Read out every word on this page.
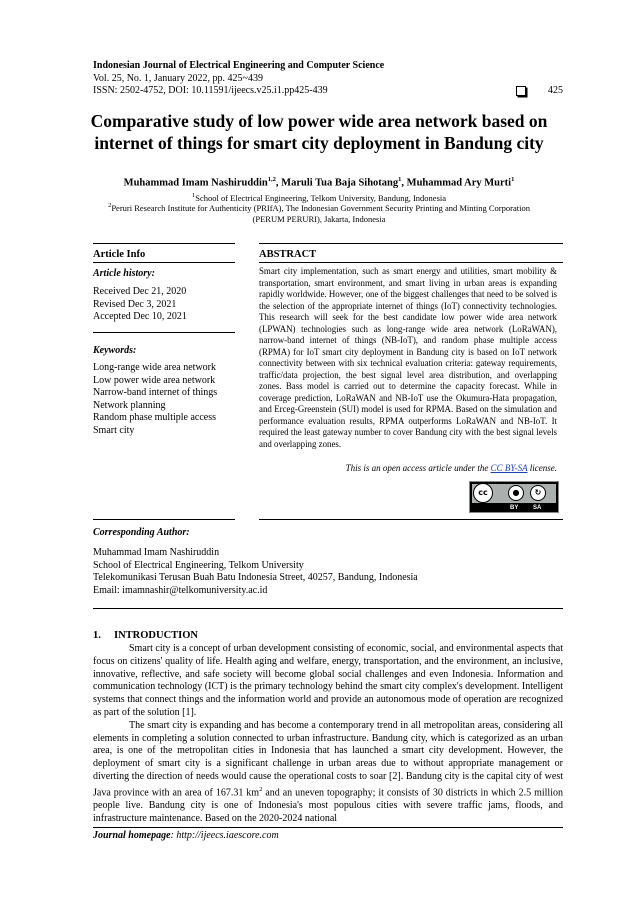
Indonesian Journal of Electrical Engineering and Computer Science
Vol. 25, No. 1, January 2022, pp. 425~439
ISSN: 2502-4752, DOI: 10.11591/ijeecs.v25.i1.pp425-439	425
Comparative study of low power wide area network based on internet of things for smart city deployment in Bandung city
Muhammad Imam Nashiruddin$^{1,2}$, Maruli Tua Baja Sihotang$^1$, Muhammad Ary Murti$^1$
$^1$School of Electrical Engineering, Telkom University, Bandung, Indonesia
$^2$Peruri Research Institute for Authenticity (PRIfA), The Indonesian Government Security Printing and Minting Corporation
(PERUM PERURI), Jakarta, Indonesia
Article Info
Article history:
Received Dec 21, 2020
Revised Dec 3, 2021
Accepted Dec 10, 2021
Keywords:
Long-range wide area network
Low power wide area network
Narrow-band internet of things
Network planning
Random phase multiple access
Smart city
ABSTRACT
Smart city implementation, such as smart energy and utilities, smart mobility & transportation, smart environment, and smart living in urban areas is expanding rapidly worldwide. However, one of the biggest challenges that need to be solved is the selection of the appropriate internet of things (IoT) connectivity technologies. This research will seek for the best candidate low power wide area network (LPWAN) technologies such as long-range wide area network (LoRaWAN), narrow-band internet of things (NB-IoT), and random phase multiple access (RPMA) for IoT smart city deployment in Bandung city is based on IoT network connectivity between with six technical evaluation criteria: gateway requirements, traffic/data projection, the best signal level area distribution, and overlapping zones. Bass model is carried out to determine the capacity forecast. While in coverage prediction, LoRaWAN and NB-IoT use the Okumura-Hata propagation, and Erceg-Greenstein (SUI) model is used for RPMA. Based on the simulation and performance evaluation results, RPMA outperforms LoRaWAN and NB-IoT. It required the least gateway number to cover Bandung city with the best signal levels and overlapping zones.
This is an open access article under the CC BY-SA license.
cc	●	↻
BY SA
Corresponding Author:
Muhammad Imam Nashiruddin
School of Electrical Engineering, Telkom University
Telekomunikasi Terusan Buah Batu Indonesia Street, 40257, Bandung, Indonesia
Email: imamnashir@telkomuniversity.ac.id
1.     INTRODUCTION

Smart city is a concept of urban development consisting of economic, social, and environmental aspects that focus on citizens' quality of life. Health aging and welfare, energy, transportation, and the environment, an inclusive, innovative, reflective, and safe society will become global social challenges and even Indonesia. Information and communication technology (ICT) is the primary technology behind the smart city complex's development. Intelligent systems that connect things and the information world and provide an autonomous mode of operation are recognized as part of the solution [1].

The smart city is expanding and has become a contemporary trend in all metropolitan areas, considering all elements in completing a solution connected to urban infrastructure. Bandung city, which is categorized as an urban area, is one of the metropolitan cities in Indonesia that has launched a smart city development. However, the deployment of smart city is a significant challenge in urban areas due to without appropriate management or diverting the direction of needs would cause the operational costs to soar [2]. Bandung city is the capital city of west Java province with an area of 167.31 $km^2$ and an uneven topography; it consists of 30 districts in which 2.5 million people live. Bandung city is one of Indonesia's most populous cities with severe traffic jams, floods, and infrastructure maintenance. Based on the 2020-2024 national

Journal homepage: http://ijeecs.iaescore.com
